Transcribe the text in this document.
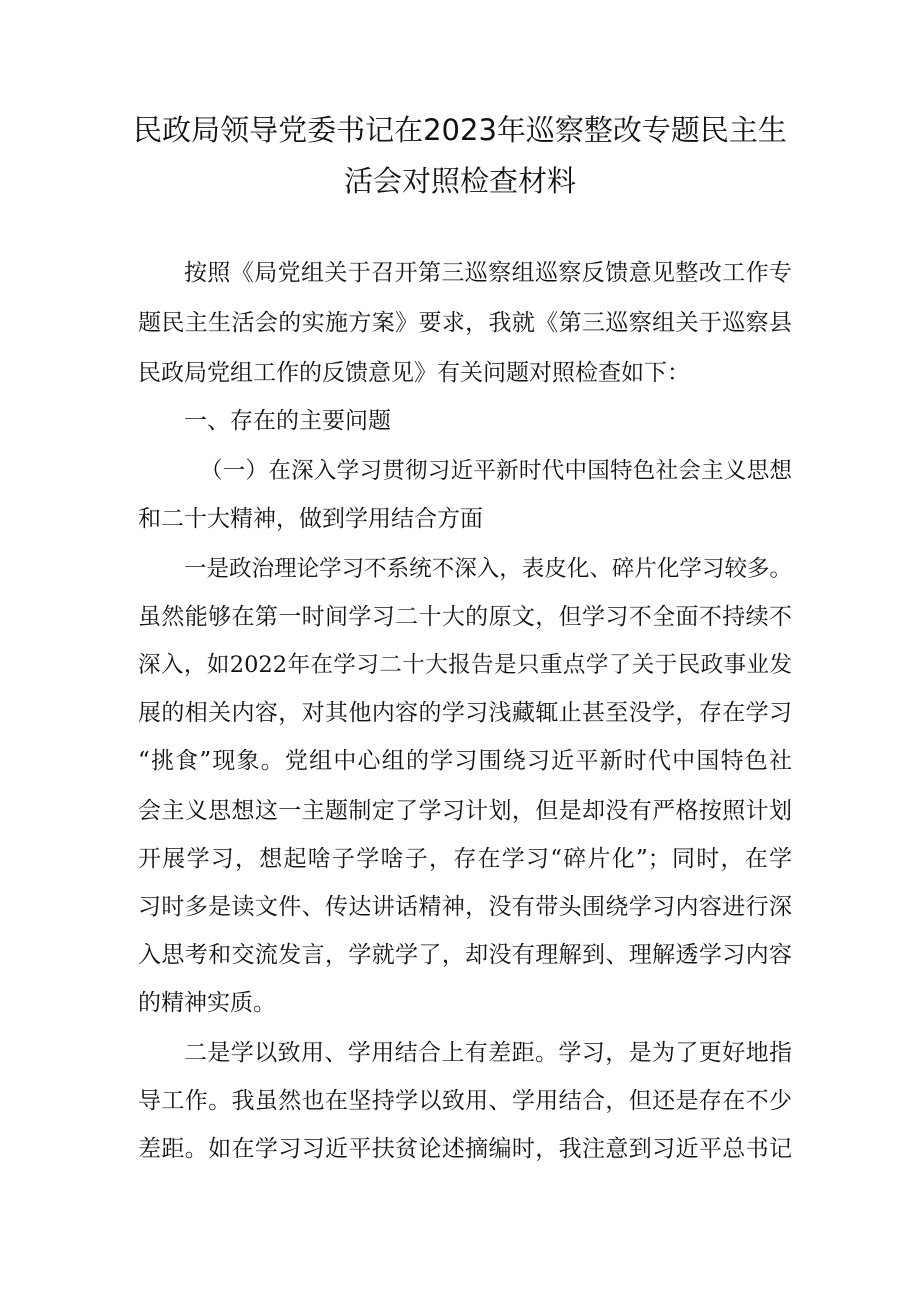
民政局领导党委书记在2023年巡察整改专题民主生
活会对照检查材料
按照《局党组关于召开第三巡察组巡察反馈意见整改工作专
题民主生活会的实施方案》要求，我就《第三巡察组关于巡察县
民政局党组工作的反馈意见》有关问题对照检查如下：
一、存在的主要问题
（一）在深入学习贯彻习近平新时代中国特色社会主义思想
和二十大精神，做到学用结合方面
一是政治理论学习不系统不深入，表皮化、碎片化学习较多。
虽然能够在第一时间学习二十大的原文，但学习不全面不持续不
深入，如2022年在学习二十大报告是只重点学了关于民政事业发
展的相关内容，对其他内容的学习浅藏辄止甚至没学，存在学习
“挑食”现象。党组中心组的学习围绕习近平新时代中国特色社
会主义思想这一主题制定了学习计划，但是却没有严格按照计划
开展学习，想起啥子学啥子，存在学习“碎片化”；同时，在学
习时多是读文件、传达讲话精神，没有带头围绕学习内容进行深
入思考和交流发言，学就学了，却没有理解到、理解透学习内容
的精神实质。
二是学以致用、学用结合上有差距。学习，是为了更好地指
导工作。我虽然也在坚持学以致用、学用结合，但还是存在不少
差距。如在学习习近平扶贫论述摘编时，我注意到习近平总书记
